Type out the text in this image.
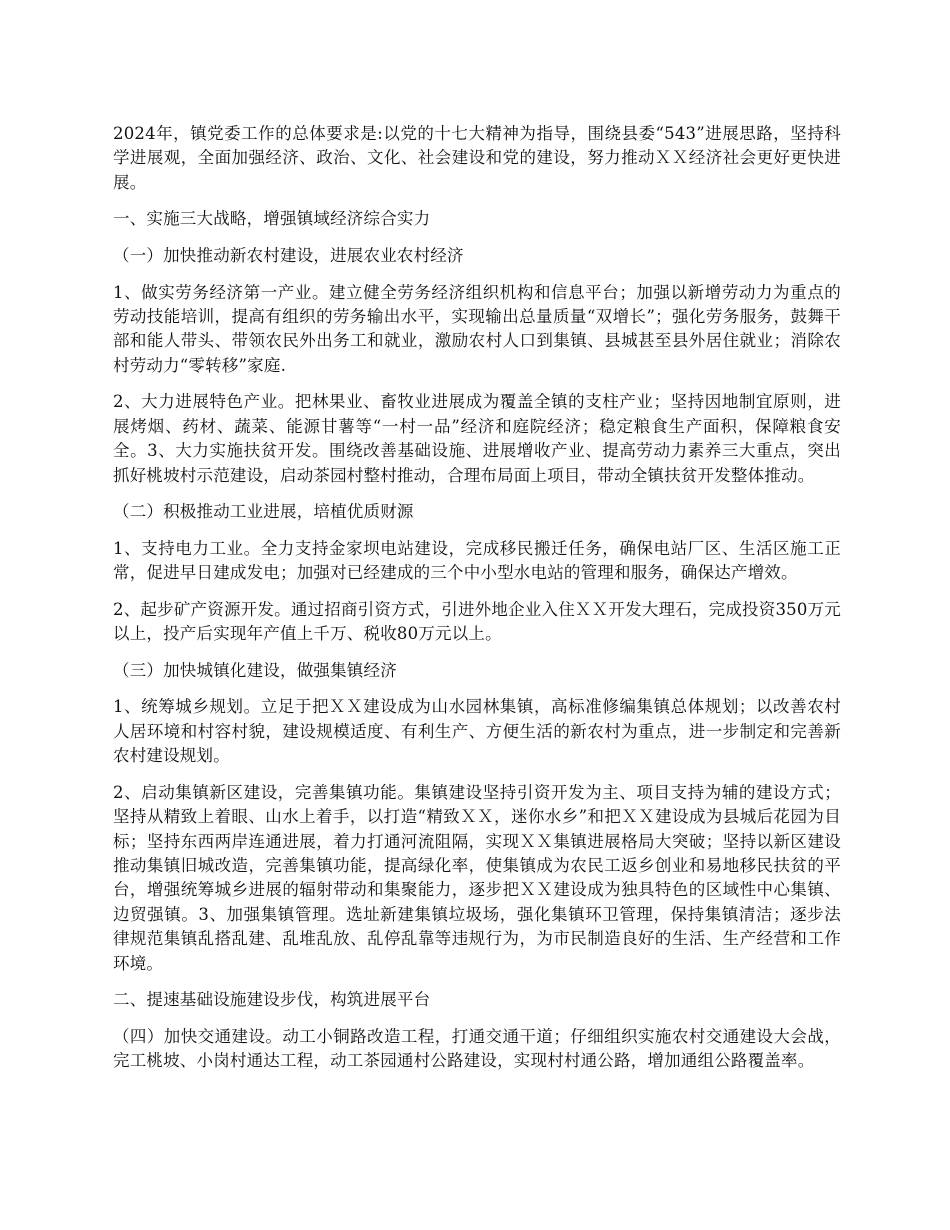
2024年，镇党委工作的总体要求是:以党的十七大精神为指导，围绕县委“543”进展思路，坚持科学进展观，全面加强经济、政治、文化、社会建设和党的建设，努力推动ＸＸ经济社会更好更快进展。

一、实施三大战略，增强镇域经济综合实力

（一）加快推动新农村建设，进展农业农村经济

1、做实劳务经济第一产业。建立健全劳务经济组织机构和信息平台；加强以新增劳动力为重点的劳动技能培训，提高有组织的劳务输出水平，实现输出总量质量“双增长”；强化劳务服务，鼓舞干部和能人带头、带领农民外出务工和就业，激励农村人口到集镇、县城甚至县外居住就业；消除农村劳动力“零转移”家庭.

2、大力进展特色产业。把林果业、畜牧业进展成为覆盖全镇的支柱产业；坚持因地制宜原则，进展烤烟、药材、蔬菜、能源甘薯等“一村一品”经济和庭院经济；稳定粮食生产面积，保障粮食安全。3、大力实施扶贫开发。围绕改善基础设施、进展增收产业、提高劳动力素养三大重点，突出抓好桃坡村示范建设，启动茶园村整村推动，合理布局面上项目，带动全镇扶贫开发整体推动。

（二）积极推动工业进展，培植优质财源

1、支持电力工业。全力支持金家坝电站建设，完成移民搬迁任务，确保电站厂区、生活区施工正常，促进早日建成发电；加强对已经建成的三个中小型水电站的管理和服务，确保达产增效。

2、起步矿产资源开发。通过招商引资方式，引进外地企业入住ＸＸ开发大理石，完成投资350万元以上，投产后实现年产值上千万、税收80万元以上。

（三）加快城镇化建设，做强集镇经济

1、统筹城乡规划。立足于把ＸＸ建设成为山水园林集镇，高标准修编集镇总体规划；以改善农村人居环境和村容村貌，建设规模适度、有利生产、方便生活的新农村为重点，进一步制定和完善新农村建设规划。

2、启动集镇新区建设，完善集镇功能。集镇建设坚持引资开发为主、项目支持为辅的建设方式；坚持从精致上着眼、山水上着手，以打造“精致ＸＸ，迷你水乡”和把ＸＸ建设成为县城后花园为目标；坚持东西两岸连通进展，着力打通河流阻隔，实现ＸＸ集镇进展格局大突破；坚持以新区建设推动集镇旧城改造，完善集镇功能，提高绿化率，使集镇成为农民工返乡创业和易地移民扶贫的平台，增强统筹城乡进展的辐射带动和集聚能力，逐步把ＸＸ建设成为独具特色的区域性中心集镇、边贸强镇。3、加强集镇管理。选址新建集镇垃圾场，强化集镇环卫管理，保持集镇清洁；逐步法律规范集镇乱搭乱建、乱堆乱放、乱停乱靠等违规行为，为市民制造良好的生活、生产经营和工作环境。

二、提速基础设施建设步伐，构筑进展平台

（四）加快交通建设。动工小铜路改造工程，打通交通干道；仔细组织实施农村交通建设大会战，完工桃坡、小岗村通达工程，动工茶园通村公路建设，实现村村通公路，增加通组公路覆盖率。
